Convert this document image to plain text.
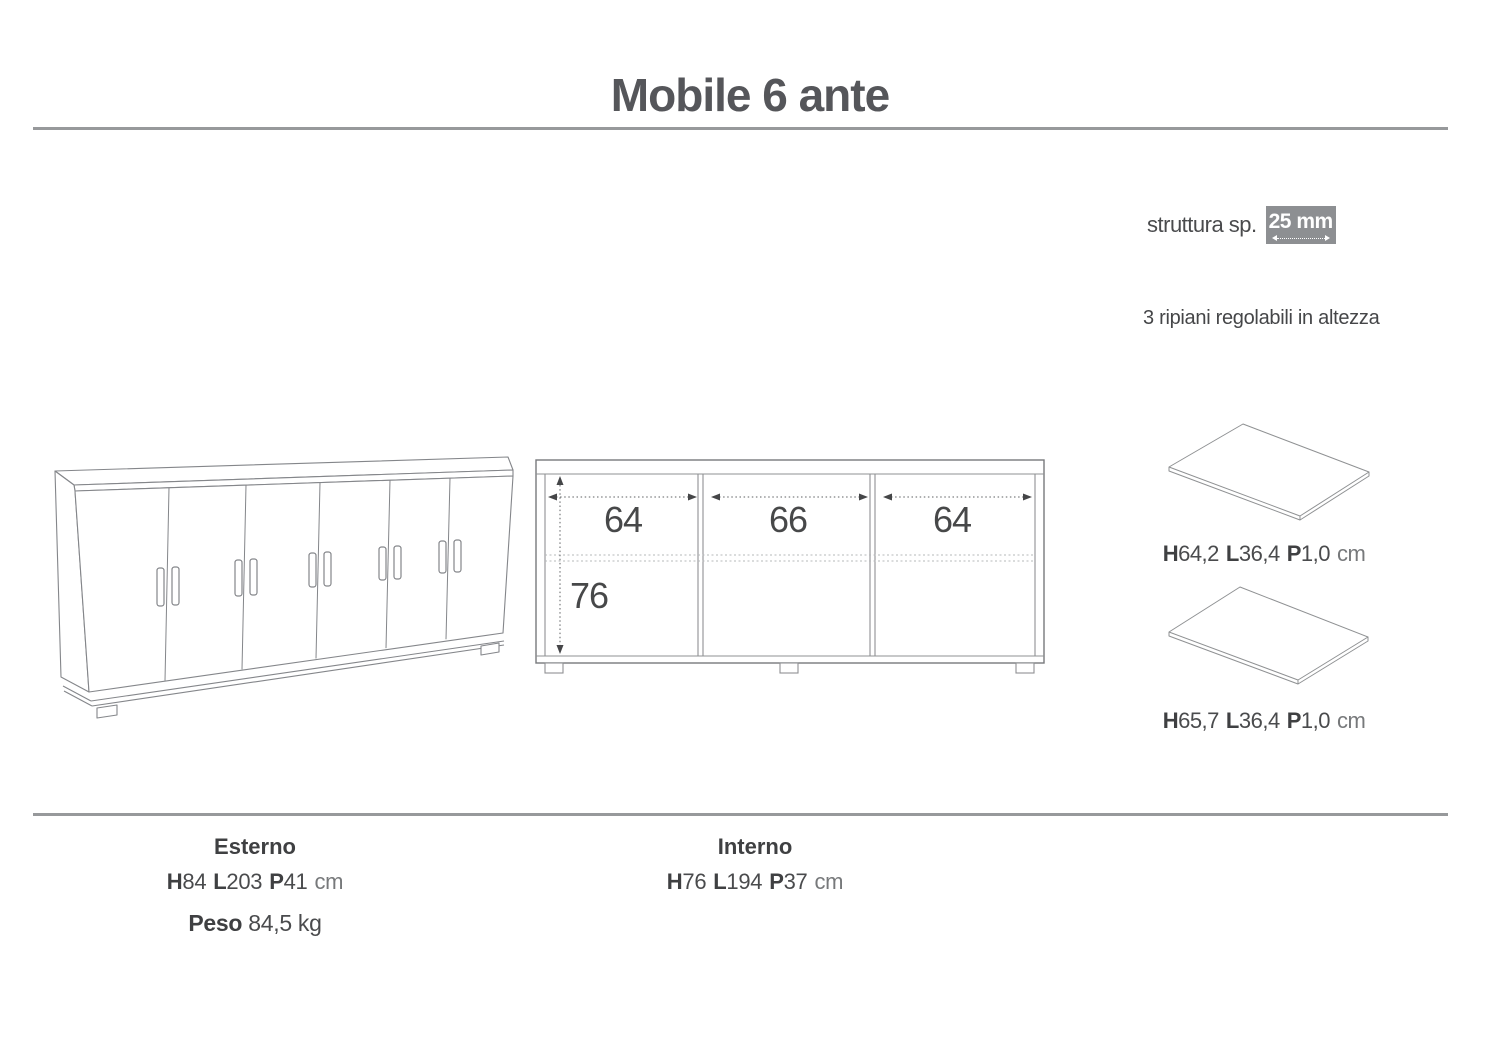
Mobile 6 ante
struttura sp. 25 mm
3 ripiani regolabili in altezza
64	66	64
76
H64,2 L36,4 P1,0 cm
H65,7 L36,4 P1,0 cm
Esterno
H84 L203 P41 cm
Peso 84,5 kg
Interno
H76 L194 P37 cm
